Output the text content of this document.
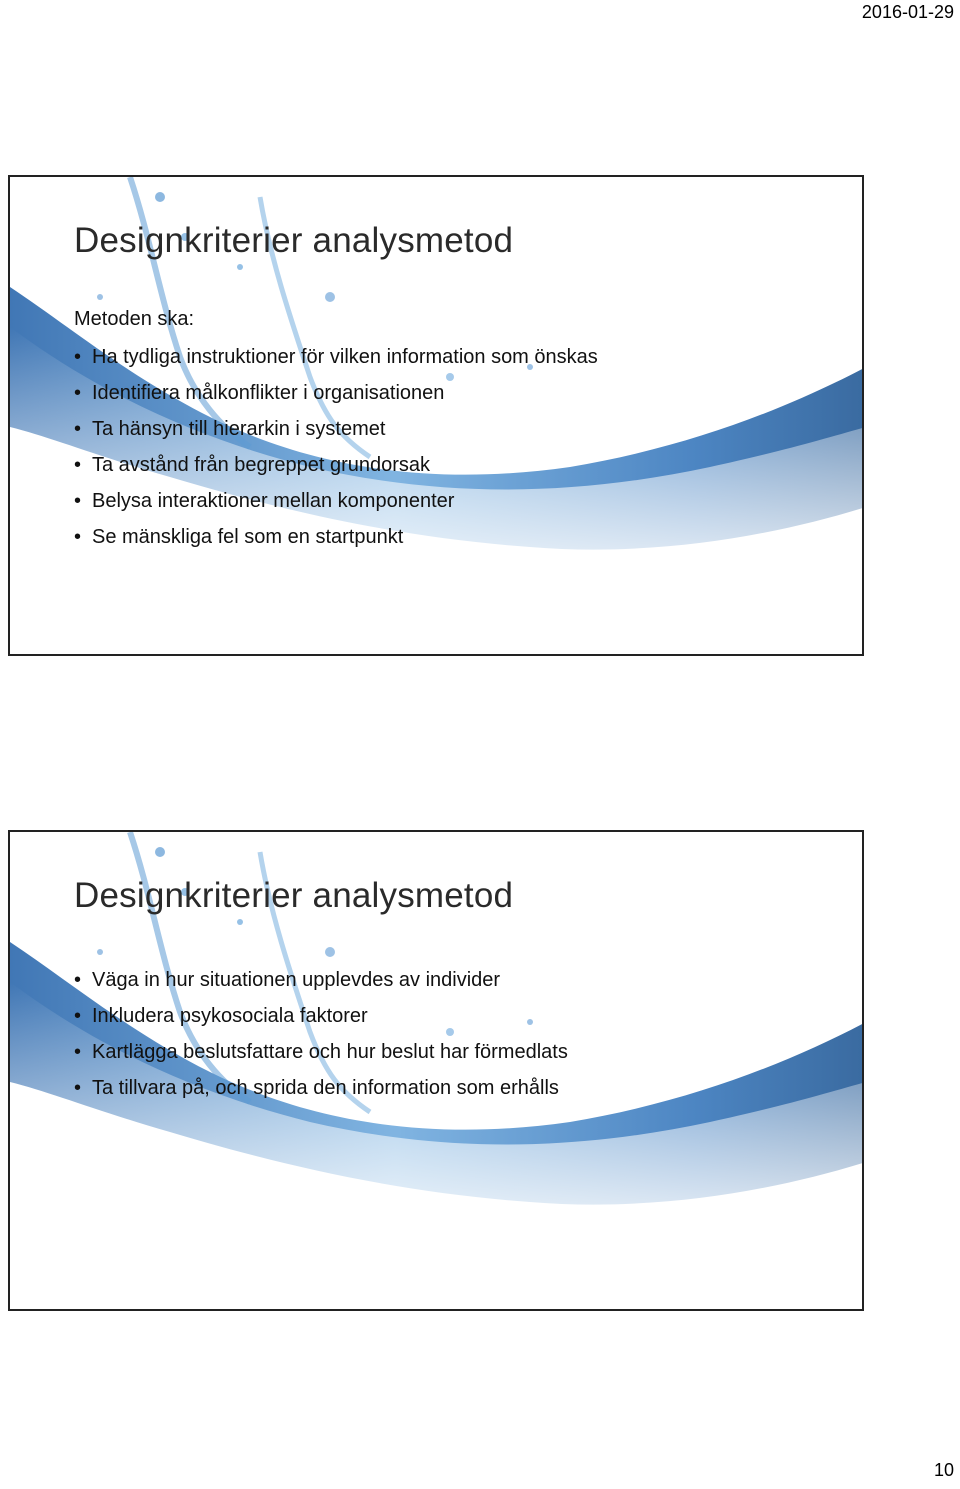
2016-01-29
Designkriterier analysmetod

Metoden ska:

• Ha tydliga instruktioner för vilken information som önskas
• Identifiera målkonflikter i organisationen
• Ta hänsyn till hierarkin i systemet
• Ta avstånd från begreppet grundorsak
• Belysa interaktioner mellan komponenter
• Se mänskliga fel som en startpunkt
Designkriterier analysmetod
• Väga in hur situationen upplevdes av individer
• Inkludera psykosociala faktorer
• Kartlägga beslutsfattare och hur beslut har förmedlats
• Ta tillvara på, och sprida den information som erhålls
10
